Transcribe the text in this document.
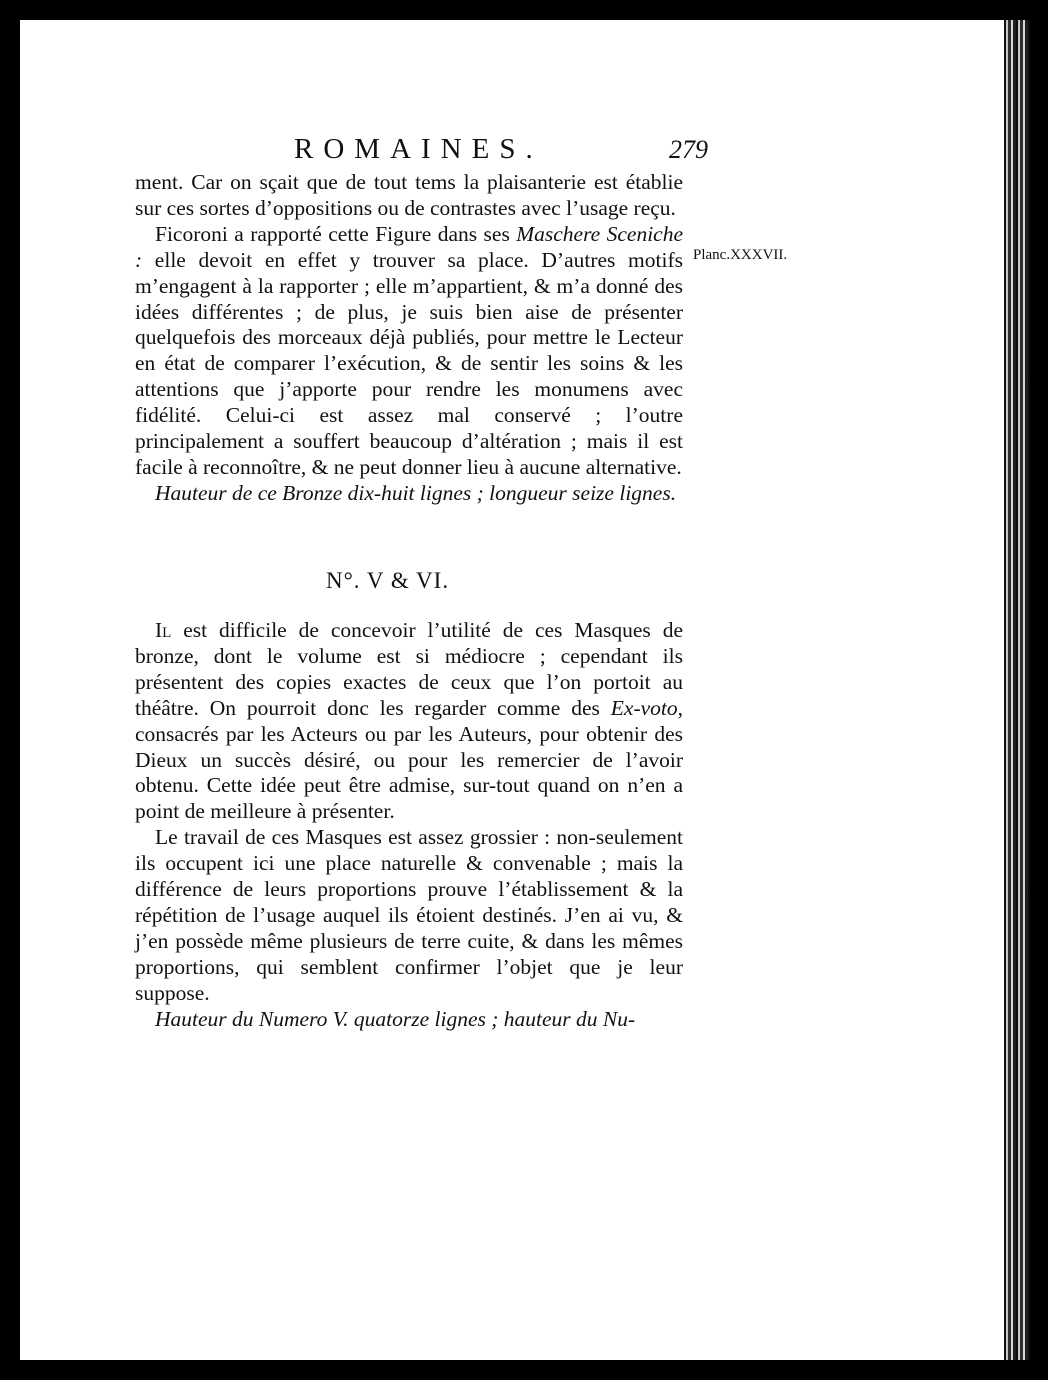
ROMAINES.	279
Planc.XXXVII.

ment. Car on sçait que de tout tems la plaisanterie est établie sur ces sortes d’oppositions ou de contrastes avec l’usage reçu.

Ficoroni a rapporté cette Figure dans ses Maschere Sceniche : elle devoit en effet y trouver sa place. D’autres motifs m’engagent à la rapporter ; elle m’appartient, & m’a donné des idées différentes ; de plus, je suis bien aise de présenter quelquefois des morceaux déjà publiés, pour mettre le Lecteur en état de comparer l’exécution, & de sentir les soins & les attentions que j’apporte pour rendre les monumens avec fidélité. Celui-ci est assez mal conservé ; l’outre principalement a souffert beaucoup d’altération ; mais il est facile à reconnoître, & ne peut donner lieu à aucune alternative.

Hauteur de ce Bronze dix-huit lignes ; longueur seize lignes.

N°. V & VI.

Il est difficile de concevoir l’utilité de ces Masques de bronze, dont le volume est si médiocre ; cependant ils présentent des copies exactes de ceux que l’on portoit au théâtre. On pourroit donc les regarder comme des Ex-voto, consacrés par les Acteurs ou par les Auteurs, pour obtenir des Dieux un succès désiré, ou pour les remercier de l’avoir obtenu. Cette idée peut être admise, sur-tout quand on n’en a point de meilleure à présenter.

Le travail de ces Masques est assez grossier : non-seulement ils occupent ici une place naturelle & convenable ; mais la différence de leurs proportions prouve l’établissement & la répétition de l’usage auquel ils étoient destinés. J’en ai vu, & j’en possède même plusieurs de terre cuite, & dans les mêmes proportions, qui semblent confirmer l’objet que je leur suppose.

Hauteur du Numero V. quatorze lignes ; hauteur du Nu-
